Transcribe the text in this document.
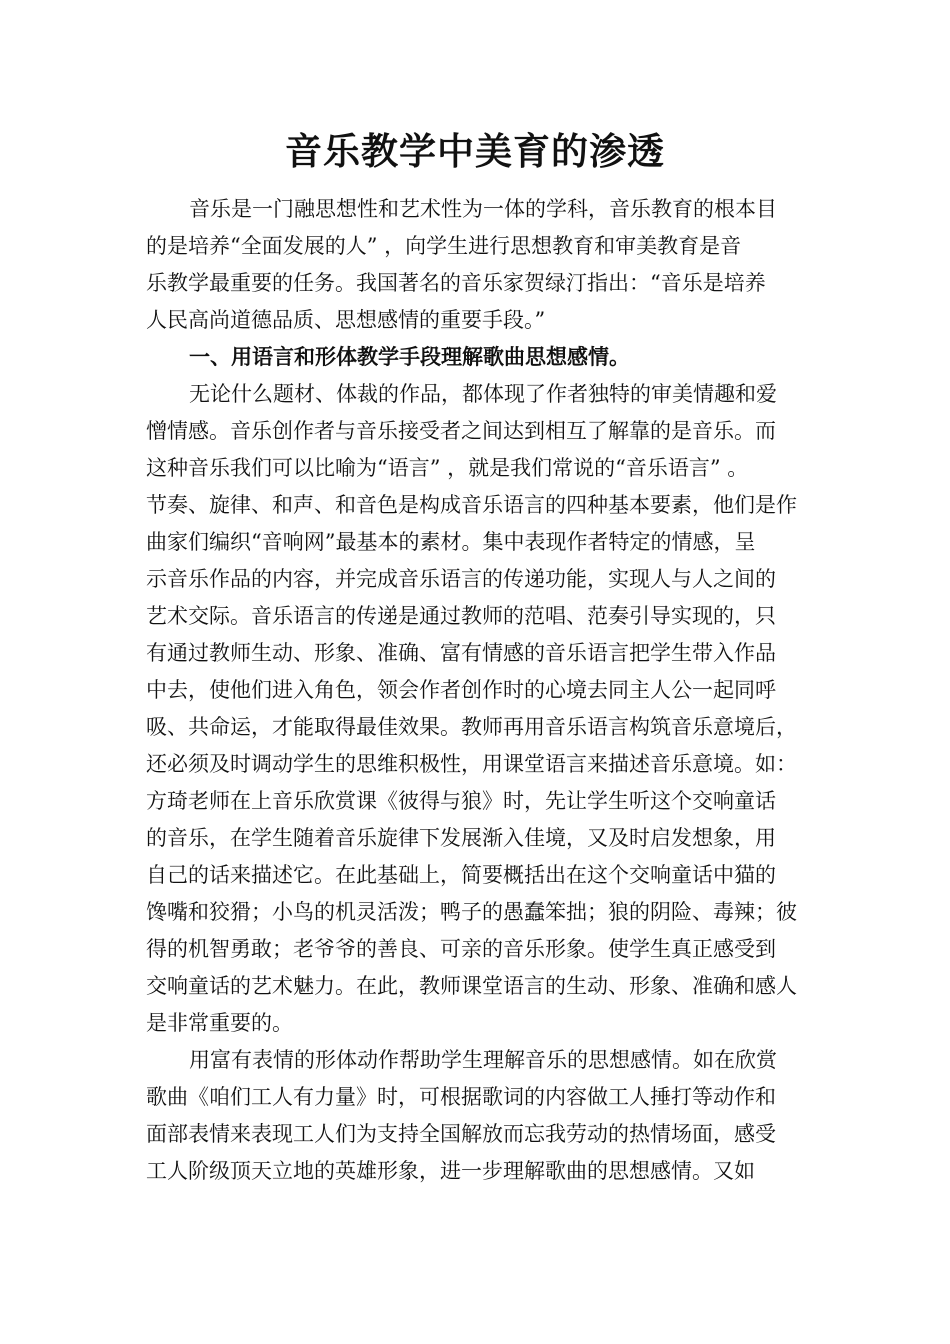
音乐教学中美育的渗透
音乐是一门融思想性和艺术性为一体的学科，音乐教育的根本目
的是培养“全面发展的人” ，向学生进行思想教育和审美教育是音
乐教学最重要的任务。我国著名的音乐家贺绿汀指出：“音乐是培养
人民高尚道德品质、思想感情的重要手段。”
一、用语言和形体教学手段理解歌曲思想感情。
无论什么题材、体裁的作品，都体现了作者独特的审美情趣和爱
憎情感。音乐创作者与音乐接受者之间达到相互了解靠的是音乐。而
这种音乐我们可以比喻为“语言” ，就是我们常说的“音乐语言” 。
节奏、旋律、和声、和音色是构成音乐语言的四种基本要素，他们是作
曲家们编织“音响网”最基本的素材。集中表现作者特定的情感，呈
示音乐作品的内容，并完成音乐语言的传递功能，实现人与人之间的
艺术交际。音乐语言的传递是通过教师的范唱、范奏引导实现的，只
有通过教师生动、形象、准确、富有情感的音乐语言把学生带入作品
中去，使他们进入角色，领会作者创作时的心境去同主人公一起同呼
吸、共命运，才能取得最佳效果。教师再用音乐语言构筑音乐意境后，
还必须及时调动学生的思维积极性，用课堂语言来描述音乐意境。如：
方琦老师在上音乐欣赏课《彼得与狼》时，先让学生听这个交响童话
的音乐，在学生随着音乐旋律下发展渐入佳境，又及时启发想象，用
自己的话来描述它。在此基础上，简要概括出在这个交响童话中猫的
馋嘴和狡猾；小鸟的机灵活泼；鸭子的愚蠢笨拙；狼的阴险、毒辣；彼
得的机智勇敢；老爷爷的善良、可亲的音乐形象。使学生真正感受到
交响童话的艺术魅力。在此，教师课堂语言的生动、形象、准确和感人
是非常重要的。
用富有表情的形体动作帮助学生理解音乐的思想感情。如在欣赏
歌曲《咱们工人有力量》时，可根据歌词的内容做工人捶打等动作和
面部表情来表现工人们为支持全国解放而忘我劳动的热情场面，感受
工人阶级顶天立地的英雄形象，进一步理解歌曲的思想感情。又如
